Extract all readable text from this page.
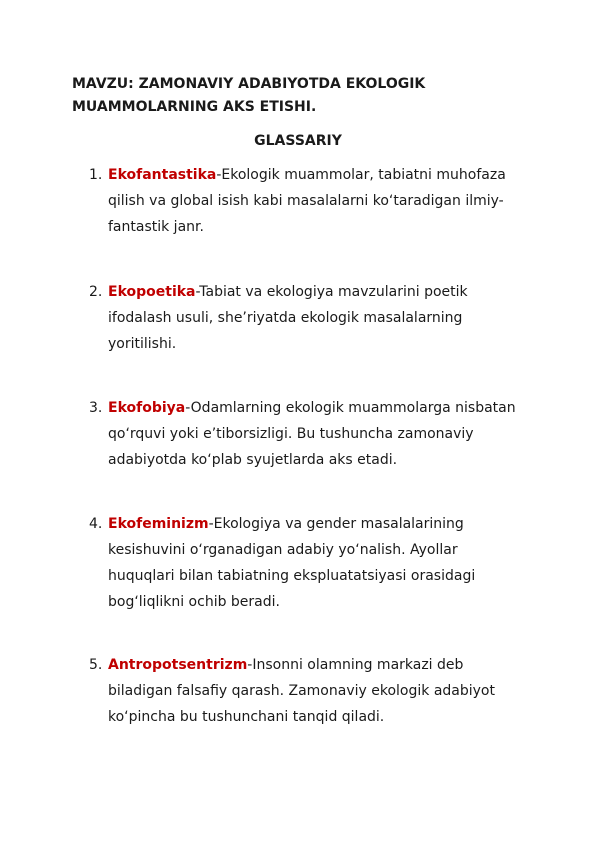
MAVZU: ZAMONAVIY ADABIYOTDA EKOLOGIK MUAMMOLARNING AKS ETISHI.
GLASSARIY
1. Ekofantastika-Ekologik muammolar, tabiatni muhofaza qilish va global isish kabi masalalarni ko‘taradigan ilmiy-fantastik janr.
2. Ekopoetika-Tabiat va ekologiya mavzularini poetik ifodalash usuli, she’riyatda ekologik masalalarning yoritilishi.
3. Ekofobiya-Odamlarning ekologik muammolarga nisbatan qo‘rquvi yoki e’tiborsizligi. Bu tushuncha zamonaviy adabiyotda ko‘plab syujetlarda aks etadi.
4. Ekofeminizm-Ekologiya va gender masalalarining kesishuvini o‘rganadigan adabiy yo‘nalish. Ayollar huquqlari bilan tabiatning ekspluatatsiyasi orasidagi bog‘liqlikni ochib beradi.
5. Antropotsentrizm-Insonni olamning markazi deb biladigan falsafiy qarash. Zamonaviy ekologik adabiyot ko‘pincha bu tushunchani tanqid qiladi.
